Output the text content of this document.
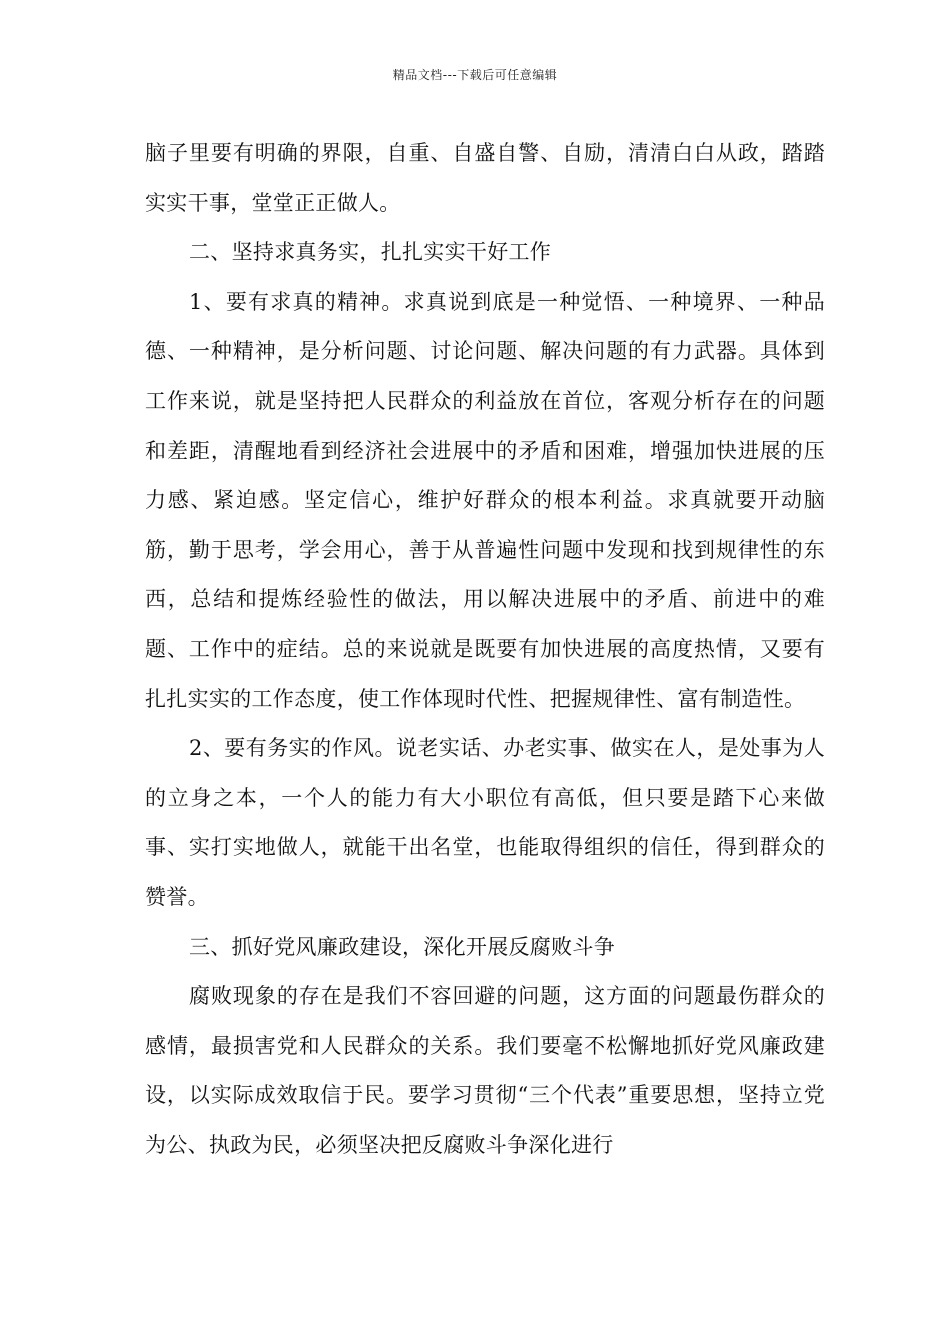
精品文档---下载后可任意编辑

脑子里要有明确的界限，自重、自盛自警、自励，清清白白从政，踏踏实实干事，堂堂正正做人。

二、坚持求真务实，扎扎实实干好工作

1、要有求真的精神。求真说到底是一种觉悟、一种境界、一种品德、一种精神，是分析问题、讨论问题、解决问题的有力武器。具体到工作来说，就是坚持把人民群众的利益放在首位，客观分析存在的问题和差距，清醒地看到经济社会进展中的矛盾和困难，增强加快进展的压力感、紧迫感。坚定信心，维护好群众的根本利益。求真就要开动脑筋，勤于思考，学会用心，善于从普遍性问题中发现和找到规律性的东西，总结和提炼经验性的做法，用以解决进展中的矛盾、前进中的难题、工作中的症结。总的来说就是既要有加快进展的高度热情，又要有扎扎实实的工作态度，使工作体现时代性、把握规律性、富有制造性。

2、要有务实的作风。说老实话、办老实事、做实在人，是处事为人的立身之本，一个人的能力有大小职位有高低，但只要是踏下心来做事、实打实地做人，就能干出名堂，也能取得组织的信任，得到群众的赞誉。

三、抓好党风廉政建设，深化开展反腐败斗争

腐败现象的存在是我们不容回避的问题，这方面的问题最伤群众的感情，最损害党和人民群众的关系。我们要毫不松懈地抓好党风廉政建设，以实际成效取信于民。要学习贯彻“三个代表”重要思想，坚持立党为公、执政为民，必须坚决把反腐败斗争深化进行
